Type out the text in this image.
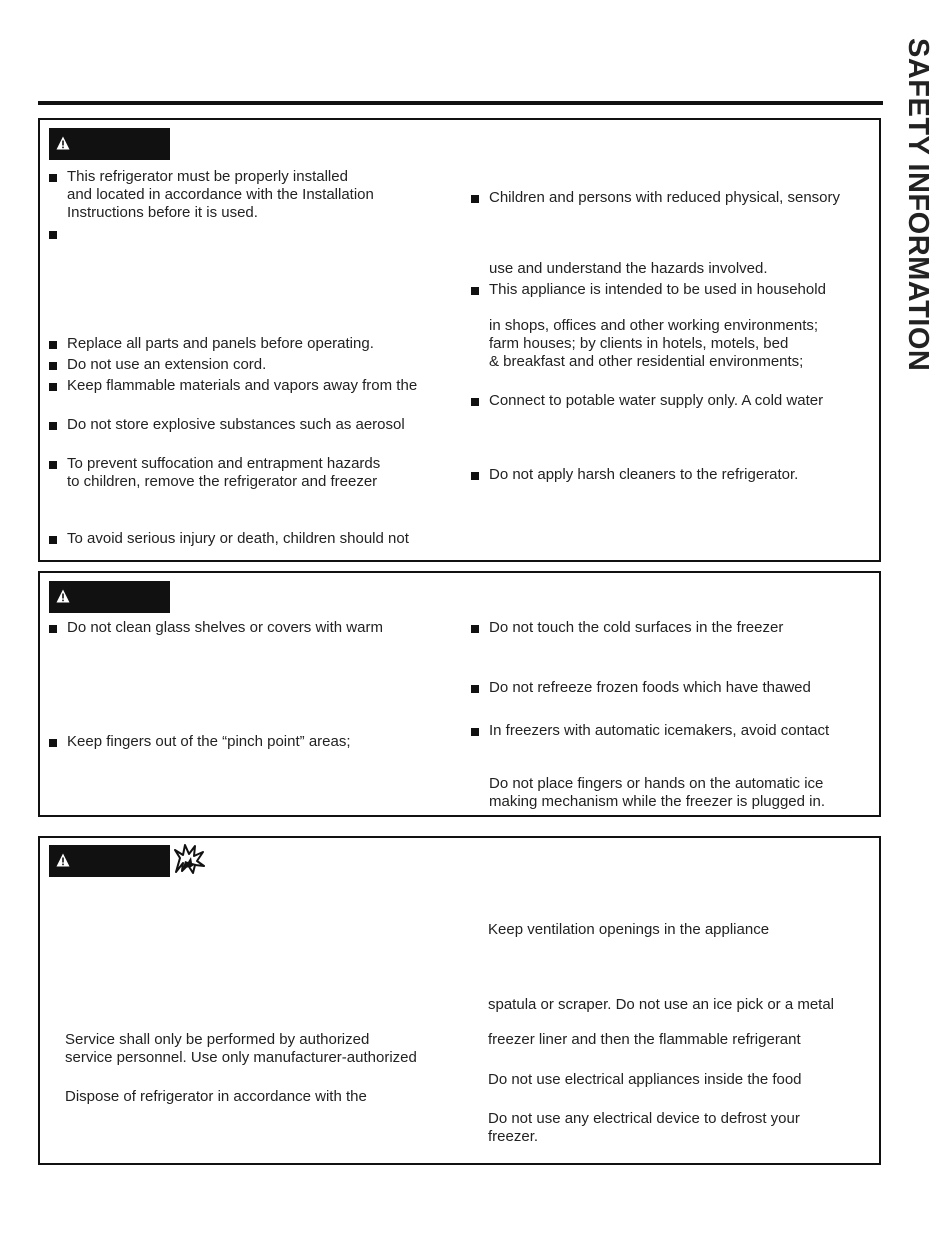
SAFETY INFORMATION
This refrigerator must be properly installed
and located in accordance with the Installation
Instructions before it is used.
Replace all parts and panels before operating.
Do not use an extension cord.
Keep flammable materials and vapors away from the
Do not store explosive substances such as aerosol
To prevent suffocation and entrapment hazards
to children, remove the refrigerator and freezer
To avoid serious injury or death, children should not
Children and persons with reduced physical, sensory
use and understand the hazards involved.
This appliance is intended to be used in household
in shops, offices and other working environments;
farm houses; by clients in hotels, motels, bed
& breakfast and other residential environments;
Connect to potable water supply only. A cold water
Do not apply harsh cleaners to the refrigerator.
Do not clean glass shelves or covers with warm
Keep fingers out of the “pinch point” areas;
Do not touch the cold surfaces in the freezer
Do not refreeze frozen foods which have thawed
In freezers with automatic icemakers, avoid contact
Do not place fingers or hands on the automatic ice
making mechanism while the freezer is plugged in.
Service shall only be performed by authorized
service personnel. Use only manufacturer-authorized
Dispose of refrigerator in accordance with the
Keep ventilation openings in the appliance
spatula or scraper. Do not use an ice pick or a metal
freezer liner and then the flammable refrigerant
Do not use electrical appliances inside the food
Do not use any electrical device to defrost your
freezer.
